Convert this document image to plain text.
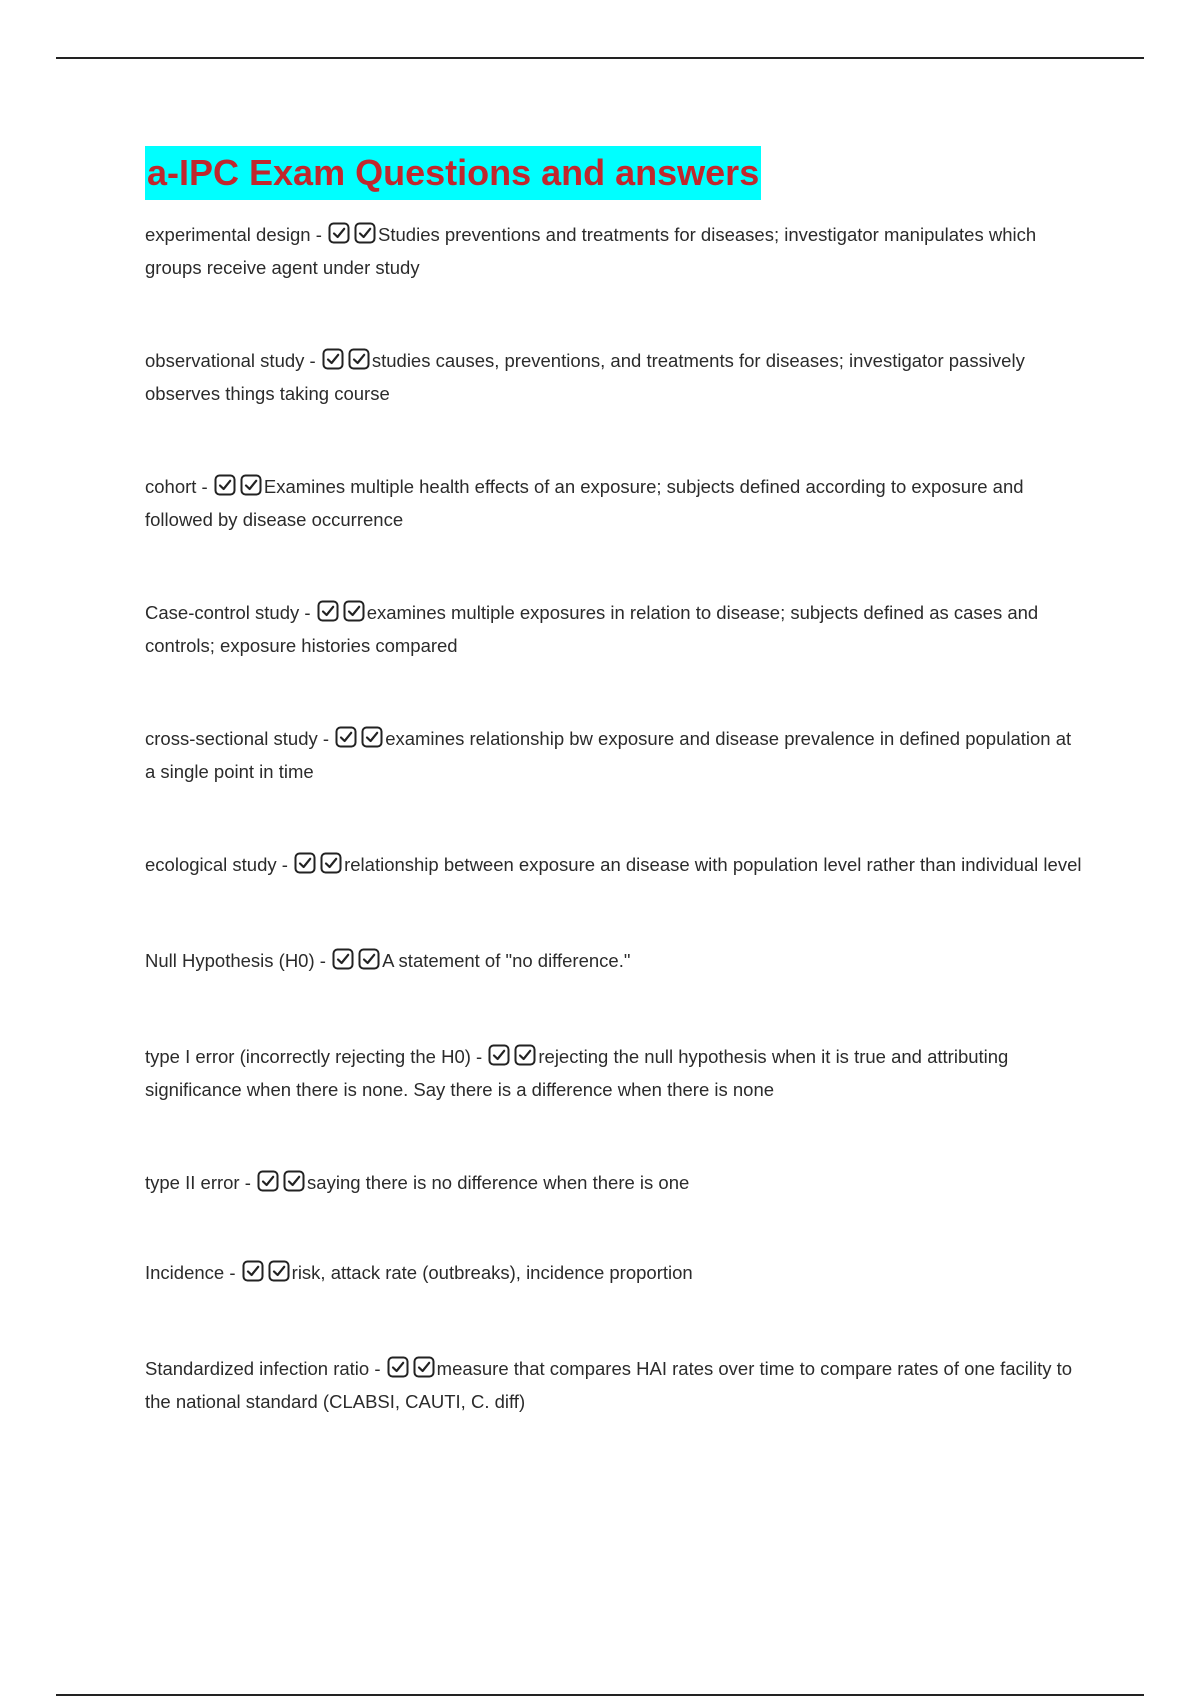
a-IPC Exam Questions and answers

experimental design -	Studies preventions and treatments for diseases; investigator manipulates which groups receive agent under study

observational study -	studies causes, preventions, and treatments for diseases; investigator passively observes things taking course

cohort -	Examines multiple health effects of an exposure; subjects defined according to exposure and followed by disease occurrence

Case-control study -	examines multiple exposures in relation to disease; subjects defined as cases and controls; exposure histories compared

cross-sectional study -	examines relationship bw exposure and disease prevalence in defined population at a single point in time

ecological study -	relationship between exposure an disease with population level rather than individual level

Null Hypothesis (H0) -	A statement of "no difference."

type I error (incorrectly rejecting the H0) -	rejecting the null hypothesis when it is true and attributing significance when there is none. Say there is a difference when there is none

type II error -	saying there is no difference when there is one

Incidence -	risk, attack rate (outbreaks), incidence proportion

Standardized infection ratio -	measure that compares HAI rates over time to compare rates of one facility to the national standard (CLABSI, CAUTI, C. diff)
